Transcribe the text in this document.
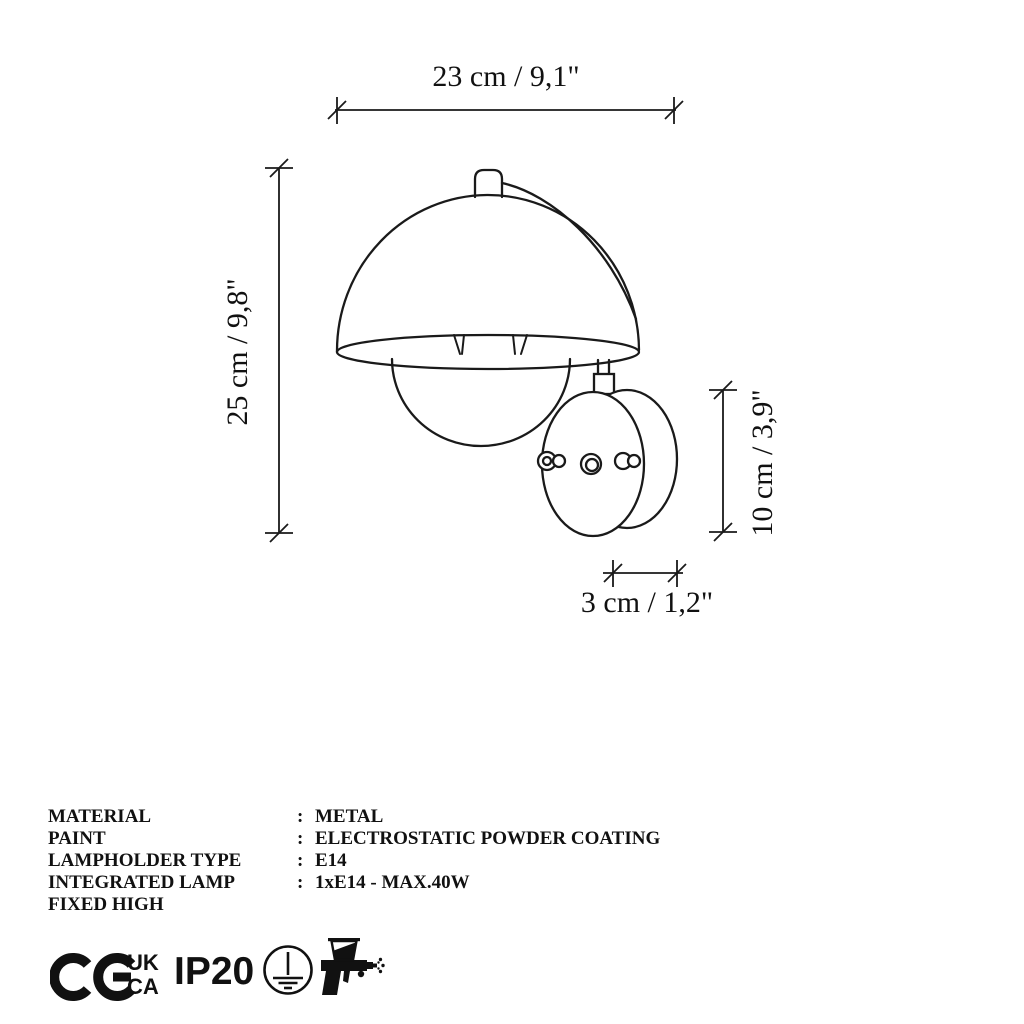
23 cm / 9,1"
25 cm / 9,8"
10 cm / 3,9"
3 cm / 1,2"
MATERIAL	: METAL
PAINT	: ELECTROSTATIC POWDER COATING
LAMPHOLDER TYPE	: E14
INTEGRATED LAMP	: 1xE14 - MAX.40W
FIXED HIGH
UK
CA IP20
